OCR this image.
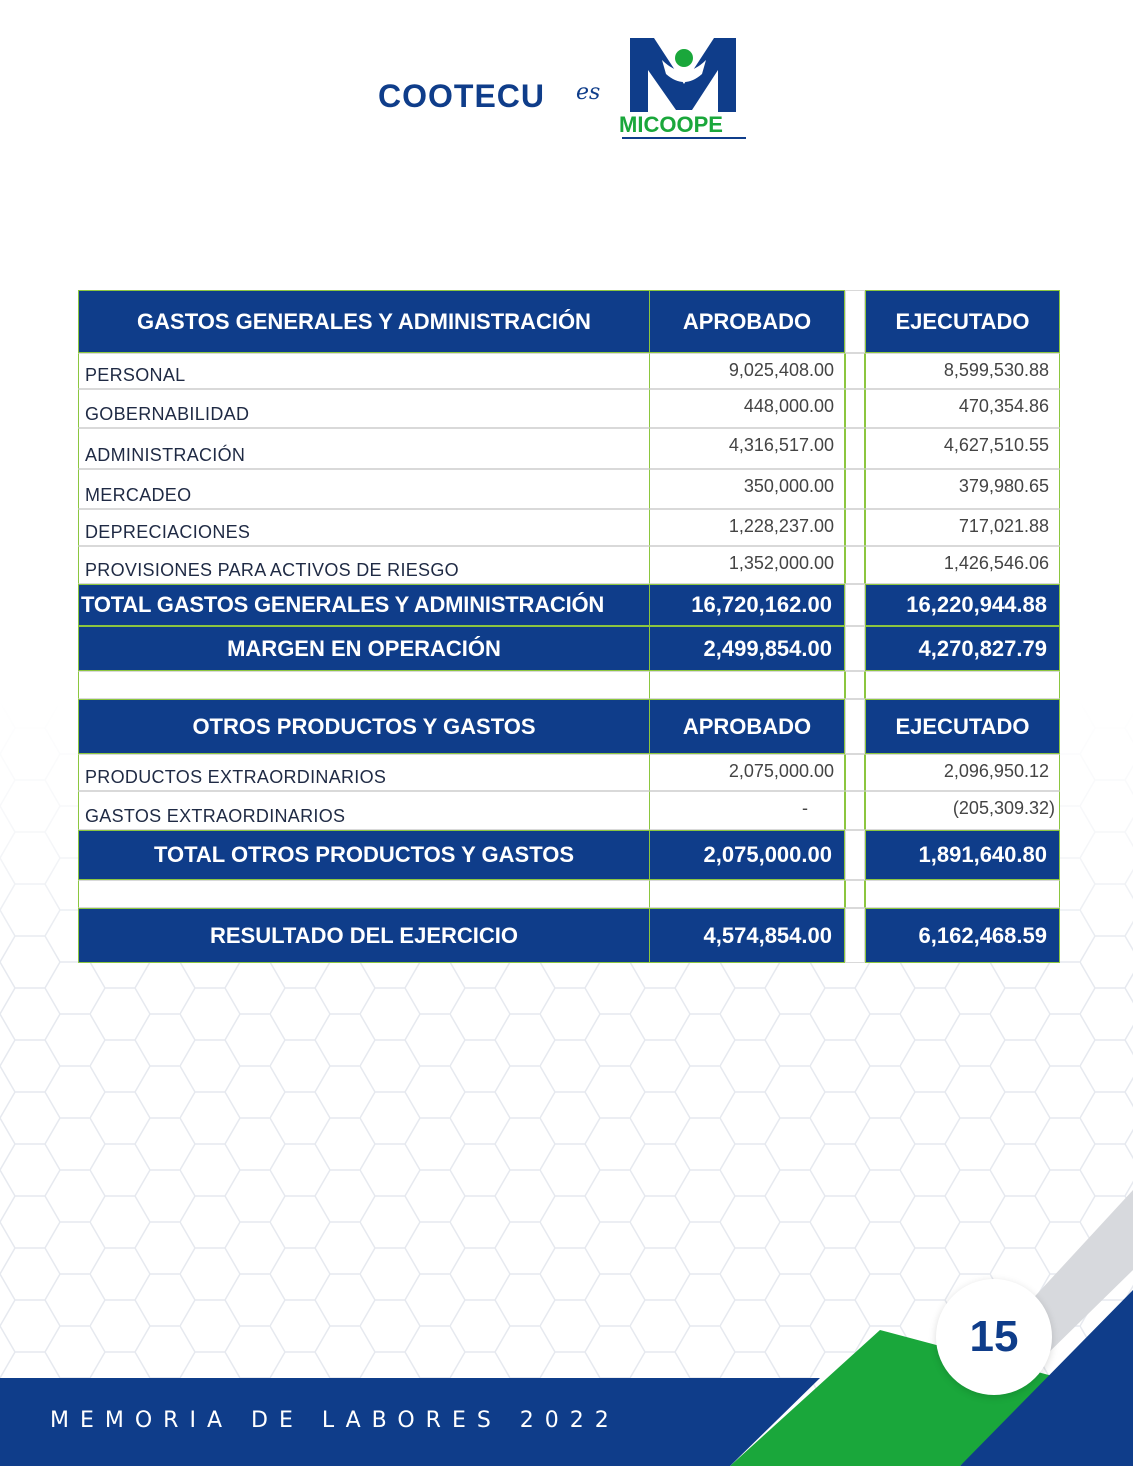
COOTECU es
MICOOPE
GASTOS GENERALES Y ADMINISTRACIÓN	APROBADO	EJECUTADO
PERSONAL	9,025,408.00	8,599,530.88
GOBERNABILIDAD	448,000.00	470,354.86
ADMINISTRACIÓN	4,316,517.00	4,627,510.55
MERCADEO	350,000.00	379,980.65
DEPRECIACIONES	1,228,237.00	717,021.88
PROVISIONES PARA ACTIVOS DE RIESGO	1,352,000.00	1,426,546.06
TOTAL GASTOS GENERALES Y ADMINISTRACIÓN	16,720,162.00	16,220,944.88
MARGEN EN OPERACIÓN	2,499,854.00	4,270,827.79
OTROS PRODUCTOS Y GASTOS	APROBADO	EJECUTADO
PRODUCTOS EXTRAORDINARIOS	2,075,000.00	2,096,950.12
GASTOS EXTRAORDINARIOS	-	(205,309.32)
TOTAL OTROS PRODUCTOS Y GASTOS	2,075,000.00	1,891,640.80
RESULTADO DEL EJERCICIO	4,574,854.00	6,162,468.59
MEMORIA DE LABORES 2022
15
